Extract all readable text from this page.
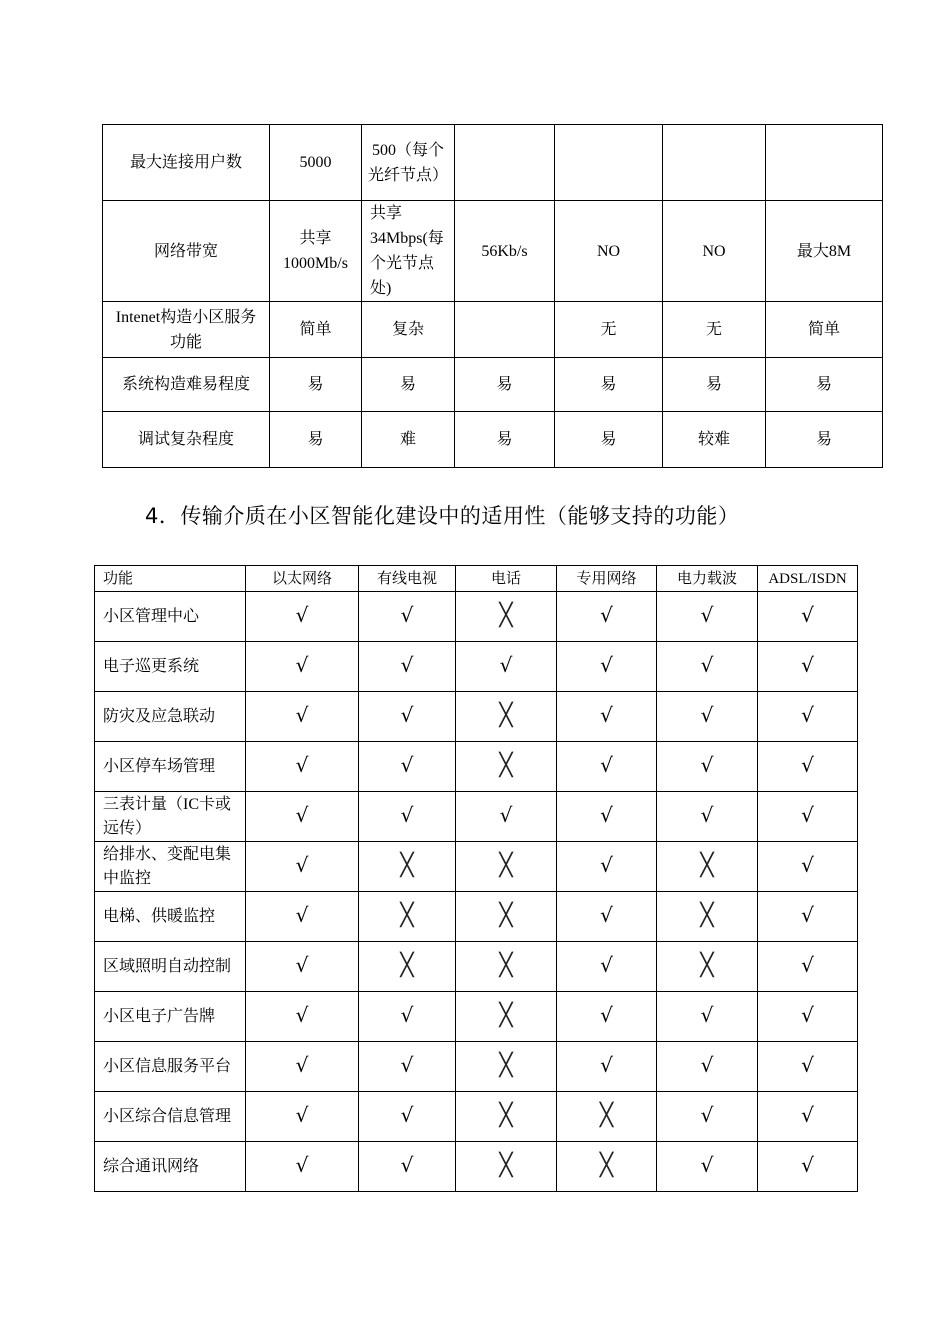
最大连接用户数	5000	500（每个光纤节点）				
网络带宽	共享1000Mb/s	共享34Mbps(每个光节点处)	56Kb/s	NO	NO	最大8M
Intenet构造小区服务功能	简单	复杂		无	无	简单
系统构造难易程度	易	易	易	易	易	易
调试复杂程度	易	难	易	易	较难	易
4．传输介质在小区智能化建设中的适用性（能够支持的功能）
功能	以太网络	有线电视	电话	专用网络	电力载波	ADSL/ISDN
小区管理中心	√	√	╳	√	√	√
电子巡更系统	√	√	√	√	√	√
防灾及应急联动	√	√	╳	√	√	√
小区停车场管理	√	√	╳	√	√	√
三表计量（IC卡或远传）	√	√	√	√	√	√
给排水、变配电集中监控	√	╳	╳	√	╳	√
电梯、供暖监控	√	╳	╳	√	╳	√
区域照明自动控制	√	╳	╳	√	╳	√
小区电子广告牌	√	√	╳	√	√	√
小区信息服务平台	√	√	╳	√	√	√
小区综合信息管理	√	√	╳	╳	√	√
综合通讯网络	√	√	╳	╳	√	√
